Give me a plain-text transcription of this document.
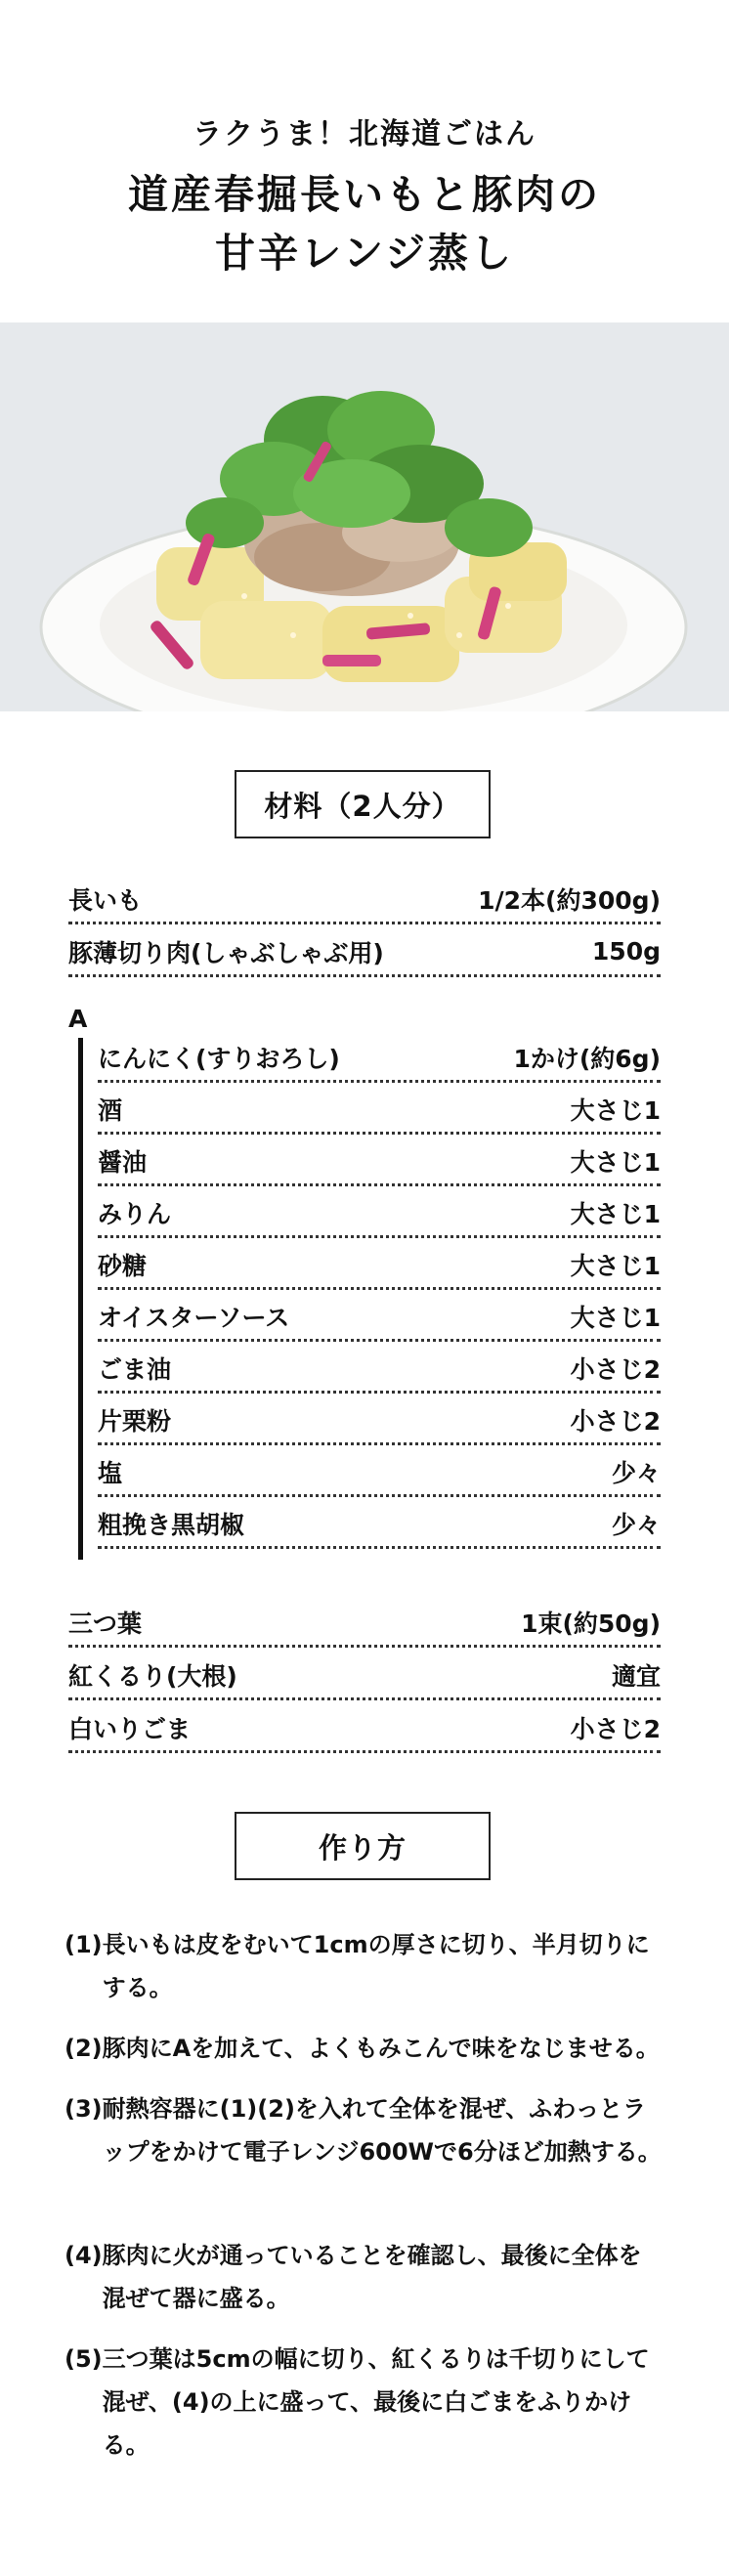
ラクうま！北海道ごはん
道産春掘長いもと豚肉の
甘辛レンジ蒸し
材料（2人分）
長いも	1/2本(約300g)
豚薄切り肉(しゃぶしゃぶ用)	150g
A
にんにく(すりおろし)	1かけ(約6g)
酒	大さじ1
醤油	大さじ1
みりん	大さじ1
砂糖	大さじ1
オイスターソース	大さじ1
ごま油	小さじ2
片栗粉	小さじ2
塩	少々
粗挽き黒胡椒	少々
三つ葉	1束(約50g)
紅くるり(大根)	適宜
白いりごま	小さじ2
作り方
(1) 長いもは皮をむいて1cmの厚さに切り、半月切りにする。
(2) 豚肉にAを加えて、よくもみこんで味をなじませる。
(3) 耐熱容器に(1)(2)を入れて全体を混ぜ、ふわっとラップをかけて電子レンジ600Wで6分ほど加熱する。
(4) 豚肉に火が通っていることを確認し、最後に全体を混ぜて器に盛る。
(5) 三つ葉は5cmの幅に切り、紅くるりは千切りにして混ぜ、(4)の上に盛って、最後に白ごまをふりかける。
